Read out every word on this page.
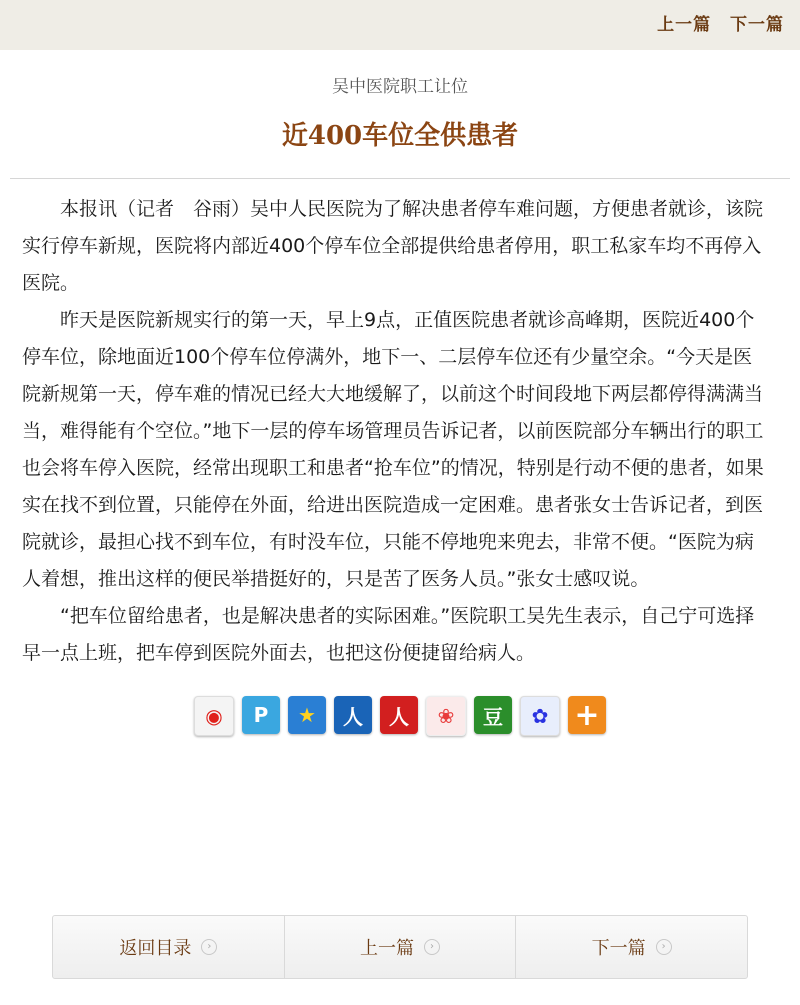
上一篇 下一篇
吴中医院职工让位
近400车位全供患者

本报讯（记者　谷雨）吴中人民医院为了解决患者停车难问题，方便患者就诊，该院实行停车新规，医院将内部近400个停车位全部提供给患者停用，职工私家车均不再停入医院。

昨天是医院新规实行的第一天，早上9点，正值医院患者就诊高峰期，医院近400个停车位，除地面近100个停车位停满外，地下一、二层停车位还有少量空余。“今天是医院新规第一天，停车难的情况已经大大地缓解了，以前这个时间段地下两层都停得满满当当，难得能有个空位。”地下一层的停车场管理员告诉记者，以前医院部分车辆出行的职工也会将车停入医院，经常出现职工和患者“抢车位”的情况，特别是行动不便的患者，如果实在找不到位置，只能停在外面，给进出医院造成一定困难。患者张女士告诉记者，到医院就诊，最担心找不到车位，有时没车位，只能不停地兜来兜去，非常不便。“医院为病人着想，推出这样的便民举措挺好的，只是苦了医务人员。”张女士感叹说。

“把车位留给患者，也是解决患者的实际困难。”医院职工吴先生表示，自己宁可选择早一点上班，把车停到医院外面去，也把这份便捷留给病人。

◉	P	★	人	人	❀	豆	✿ +
返回目录	›	上一篇	›	下一篇	›
